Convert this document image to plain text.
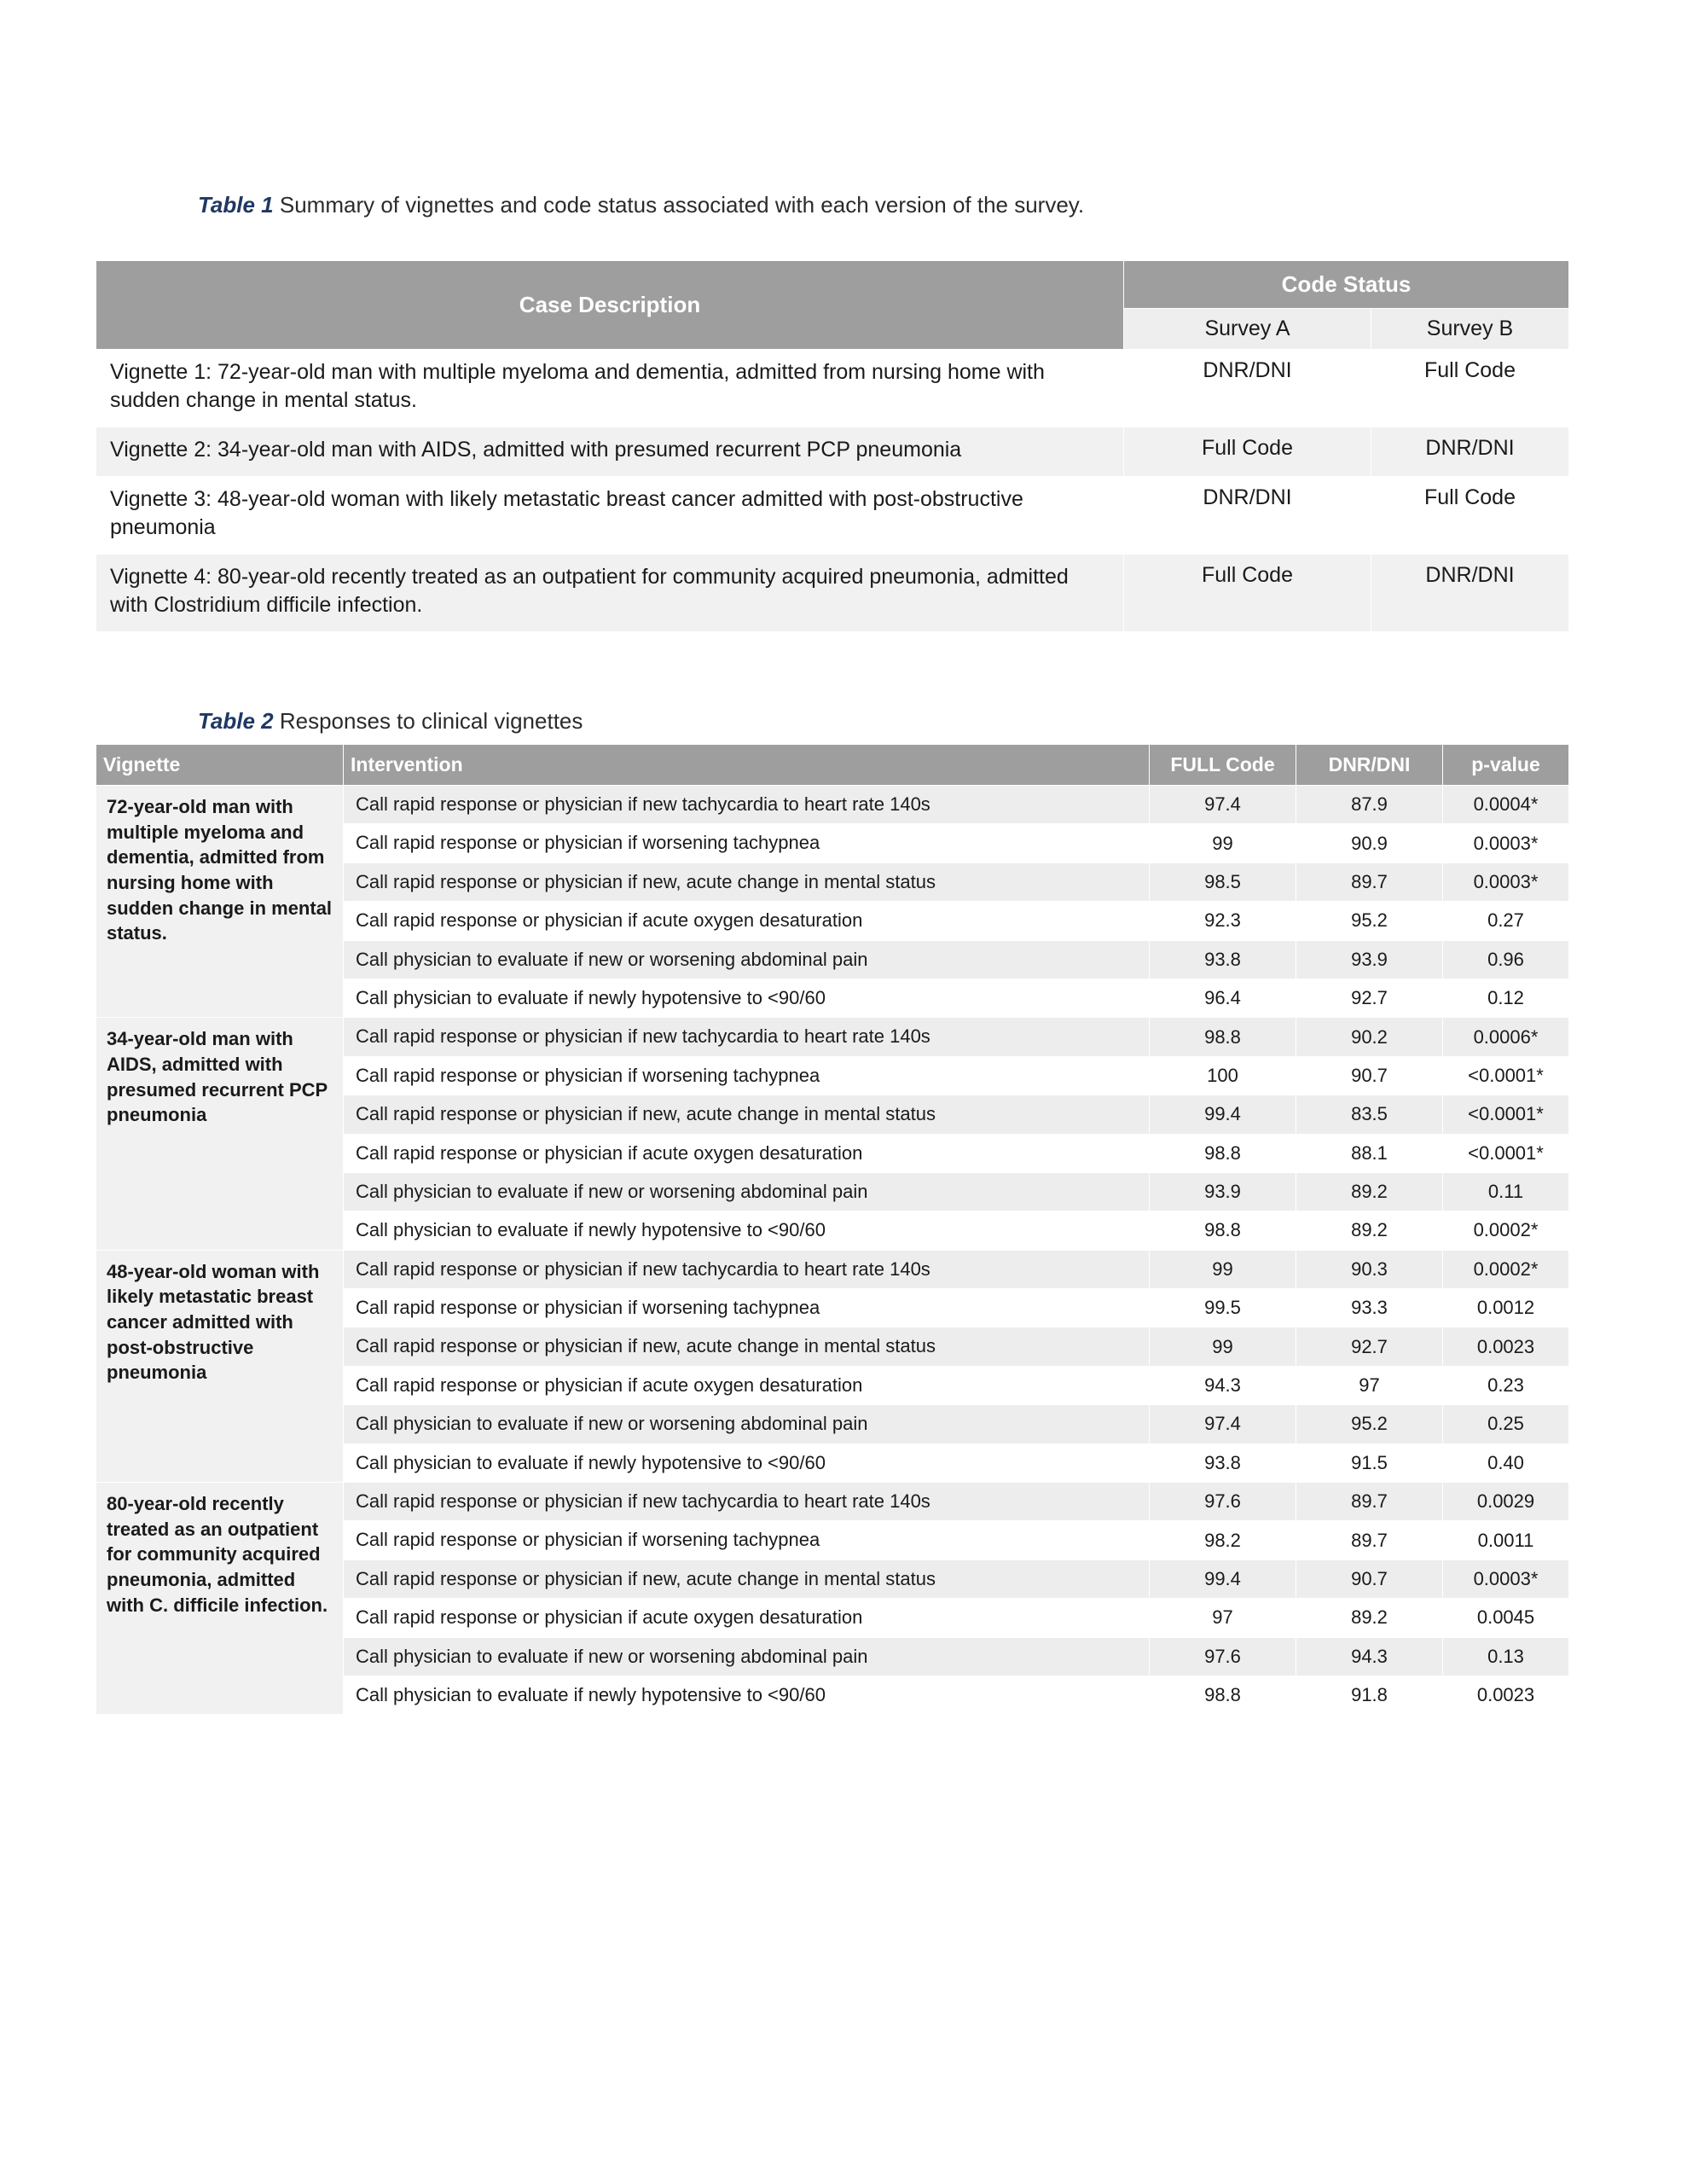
Table 1 Summary of vignettes and code status associated with each version of the survey.
Case Description	Code Status	
	Survey A	Survey B
Vignette 1: 72-year-old man with multiple myeloma and dementia, admitted from nursing home with sudden change in mental status.	DNR/DNI	Full Code
Vignette 2: 34-year-old man with AIDS, admitted with presumed recurrent PCP pneumonia	Full Code	DNR/DNI
Vignette 3: 48-year-old woman with likely metastatic breast cancer admitted with post-obstructive pneumonia	DNR/DNI	Full Code
Vignette 4: 80-year-old recently treated as an outpatient for community acquired pneumonia, admitted with Clostridium difficile infection.	Full Code	DNR/DNI
Table 2 Responses to clinical vignettes
Vignette	Intervention	FULL Code	DNR/DNI	p-value
72-year-old man with multiple myeloma and dementia, admitted from nursing home with sudden change in mental status.	Call rapid response or physician if new tachycardia to heart rate 140s	97.4	87.9	0.0004*
	Call rapid response or physician if worsening tachypnea	99	90.9	0.0003*
	Call rapid response or physician if new, acute change in mental status	98.5	89.7	0.0003*
	Call rapid response or physician if acute oxygen desaturation	92.3	95.2	0.27
	Call physician to evaluate if new or worsening abdominal pain	93.8	93.9	0.96
	Call physician to evaluate if newly hypotensive to <90/60	96.4	92.7	0.12
34-year-old man with AIDS, admitted with presumed recurrent PCP pneumonia	Call rapid response or physician if new tachycardia to heart rate 140s	98.8	90.2	0.0006*
	Call rapid response or physician if worsening tachypnea	100	90.7	<0.0001*
	Call rapid response or physician if new, acute change in mental status	99.4	83.5	<0.0001*
	Call rapid response or physician if acute oxygen desaturation	98.8	88.1	<0.0001*
	Call physician to evaluate if new or worsening abdominal pain	93.9	89.2	0.11
	Call physician to evaluate if newly hypotensive to <90/60	98.8	89.2	0.0002*
48-year-old woman with likely metastatic breast cancer admitted with post-obstructive pneumonia	Call rapid response or physician if new tachycardia to heart rate 140s	99	90.3	0.0002*
	Call rapid response or physician if worsening tachypnea	99.5	93.3	0.0012
	Call rapid response or physician if new, acute change in mental status	99	92.7	0.0023
	Call rapid response or physician if acute oxygen desaturation	94.3	97	0.23
	Call physician to evaluate if new or worsening abdominal pain	97.4	95.2	0.25
	Call physician to evaluate if newly hypotensive to <90/60	93.8	91.5	0.40
80-year-old recently treated as an outpatient for community acquired pneumonia, admitted with C. difficile infection.	Call rapid response or physician if new tachycardia to heart rate 140s	97.6	89.7	0.0029
	Call rapid response or physician if worsening tachypnea	98.2	89.7	0.0011
	Call rapid response or physician if new, acute change in mental status	99.4	90.7	0.0003*
	Call rapid response or physician if acute oxygen desaturation	97	89.2	0.0045
	Call physician to evaluate if new or worsening abdominal pain	97.6	94.3	0.13
	Call physician to evaluate if newly hypotensive to <90/60	98.8	91.8	0.0023
